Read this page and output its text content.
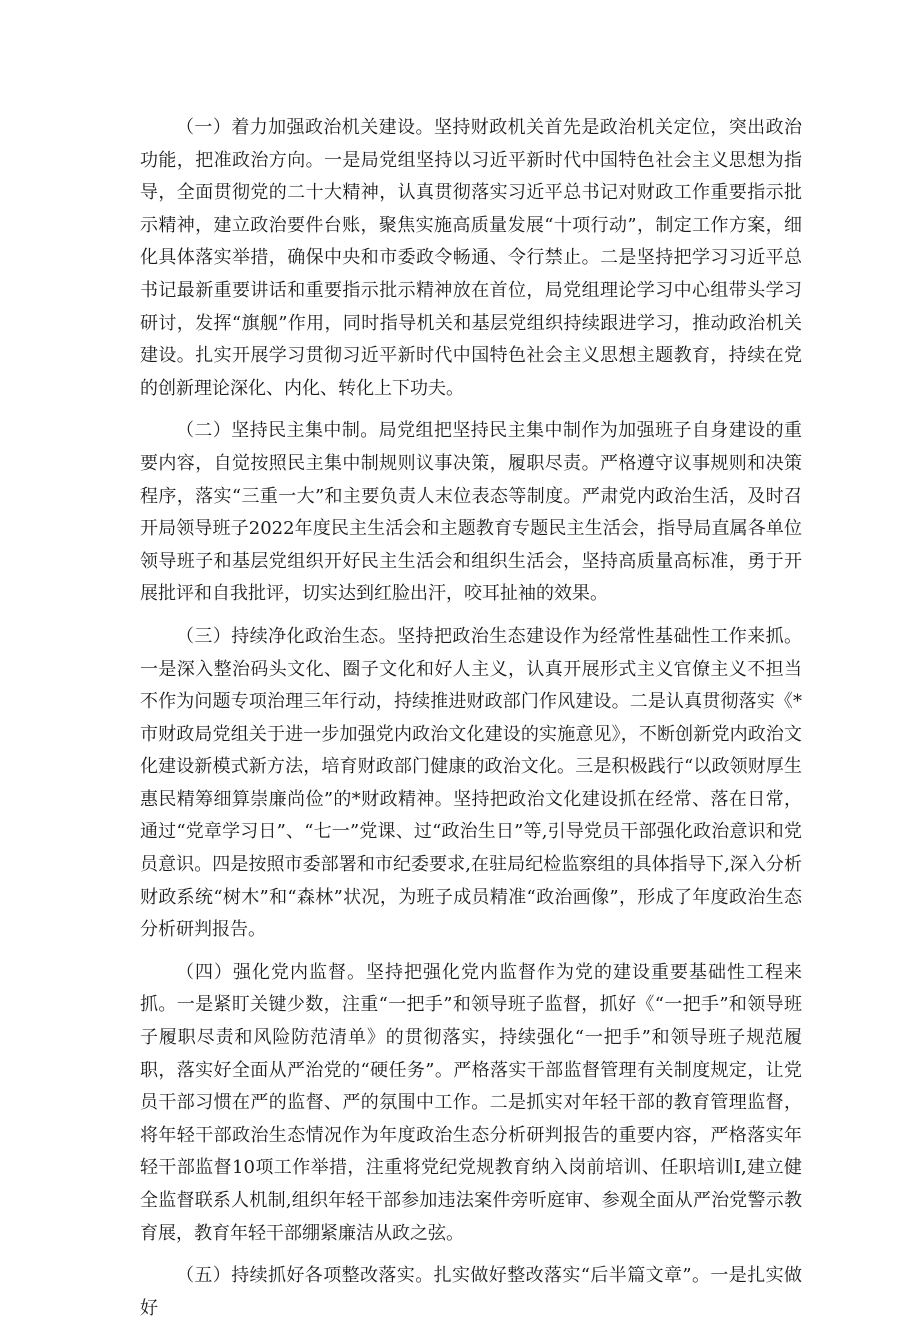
（一）着力加强政治机关建设。坚持财政机关首先是政治机关定位，突出政治功能，把准政治方向。一是局党组坚持以习近平新时代中国特色社会主义思想为指导，全面贯彻党的二十大精神，认真贯彻落实习近平总书记对财政工作重要指示批示精神，建立政治要件台账，聚焦实施高质量发展“十项行动”，制定工作方案，细化具体落实举措，确保中央和市委政令畅通、令行禁止。二是坚持把学习习近平总书记最新重要讲话和重要指示批示精神放在首位，局党组理论学习中心组带头学习研讨，发挥“旗舰”作用，同时指导机关和基层党组织持续跟进学习，推动政治机关建设。扎实开展学习贯彻习近平新时代中国特色社会主义思想主题教育，持续在党的创新理论深化、内化、转化上下功夫。

（二）坚持民主集中制。局党组把坚持民主集中制作为加强班子自身建设的重要内容，自觉按照民主集中制规则议事决策，履职尽责。严格遵守议事规则和决策程序，落实“三重一大”和主要负责人末位表态等制度。严肃党内政治生活，及时召开局领导班子2022年度民主生活会和主题教育专题民主生活会，指导局直属各单位领导班子和基层党组织开好民主生活会和组织生活会，坚持高质量高标准，勇于开展批评和自我批评，切实达到红脸出汗，咬耳扯袖的效果。

（三）持续净化政治生态。坚持把政治生态建设作为经常性基础性工作来抓。一是深入整治码头文化、圈子文化和好人主义，认真开展形式主义官僚主义不担当不作为问题专项治理三年行动，持续推进财政部门作风建设。二是认真贯彻落实《*市财政局党组关于进一步加强党内政治文化建设的实施意见》，不断创新党内政治文化建设新模式新方法，培育财政部门健康的政治文化。三是积极践行“以政领财厚生惠民精筹细算崇廉尚俭”的*财政精神。坚持把政治文化建设抓在经常、落在日常，通过“党章学习日”、“七一”党课、过“政治生日”等,引导党员干部强化政治意识和党员意识。四是按照市委部署和市纪委要求,在驻局纪检监察组的具体指导下,深入分析财政系统“树木”和“森林”状况，为班子成员精准“政治画像”，形成了年度政治生态分析研判报告。

（四）强化党内监督。坚持把强化党内监督作为党的建设重要基础性工程来抓。一是紧盯关键少数，注重“一把手”和领导班子监督，抓好《“一把手”和领导班子履职尽责和风险防范清单》的贯彻落实，持续强化“一把手”和领导班子规范履职，落实好全面从严治党的“硬任务”。严格落实干部监督管理有关制度规定，让党员干部习惯在严的监督、严的氛围中工作。二是抓实对年轻干部的教育管理监督，将年轻干部政治生态情况作为年度政治生态分析研判报告的重要内容，严格落实年轻干部监督10项工作举措，注重将党纪党规教育纳入岗前培训、任职培训I,建立健全监督联系人机制,组织年轻干部参加违法案件旁听庭审、参观全面从严治党警示教育展，教育年轻干部绷紧廉洁从政之弦。

（五）持续抓好各项整改落实。扎实做好整改落实“后半篇文章”。一是扎实做好
